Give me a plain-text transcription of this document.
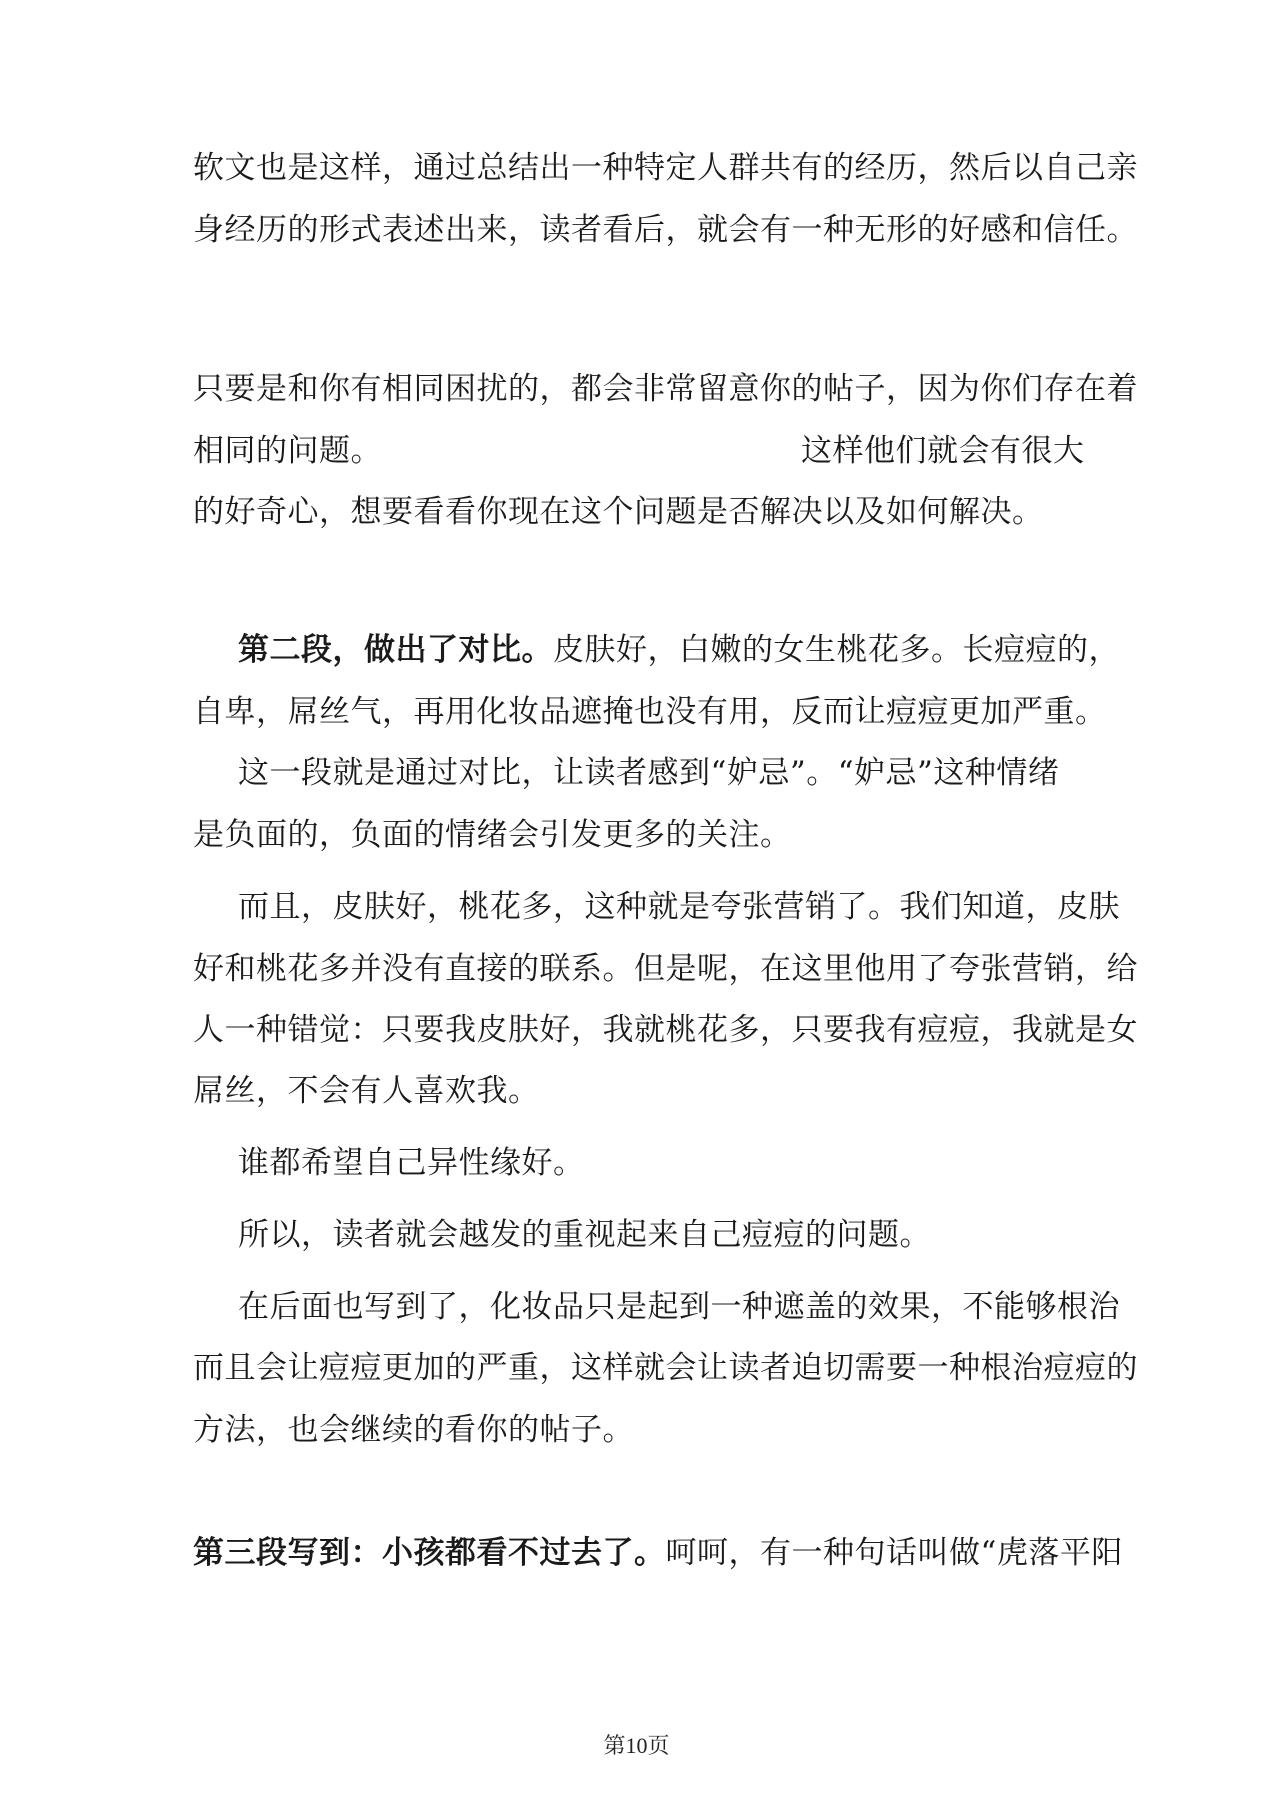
软文也是这样，通过总结出一种特定人群共有的经历，然后以自己亲
身经历的形式表述出来，读者看后，就会有一种无形的好感和信任。
只要是和你有相同困扰的，都会非常留意你的帖子，因为你们存在着
相同的问题。	这样他们就会有很大
的好奇心，想要看看你现在这个问题是否解决以及如何解决。
第二段，做出了对比。皮肤好，白嫩的女生桃花多。长痘痘的，
自卑，屌丝气，再用化妆品遮掩也没有用，反而让痘痘更加严重。
这一段就是通过对比，让读者感到“妒忌”。“妒忌”这种情绪
是负面的，负面的情绪会引发更多的关注。
而且，皮肤好，桃花多，这种就是夸张营销了。我们知道，皮肤
好和桃花多并没有直接的联系。但是呢，在这里他用了夸张营销，给
人一种错觉：只要我皮肤好，我就桃花多，只要我有痘痘，我就是女
屌丝，不会有人喜欢我。
谁都希望自己异性缘好。
所以，读者就会越发的重视起来自己痘痘的问题。
在后面也写到了，化妆品只是起到一种遮盖的效果，不能够根治
而且会让痘痘更加的严重，这样就会让读者迫切需要一种根治痘痘的
方法，也会继续的看你的帖子。
第三段写到：小孩都看不过去了。呵呵，有一种句话叫做“虎落平阳
第10页
